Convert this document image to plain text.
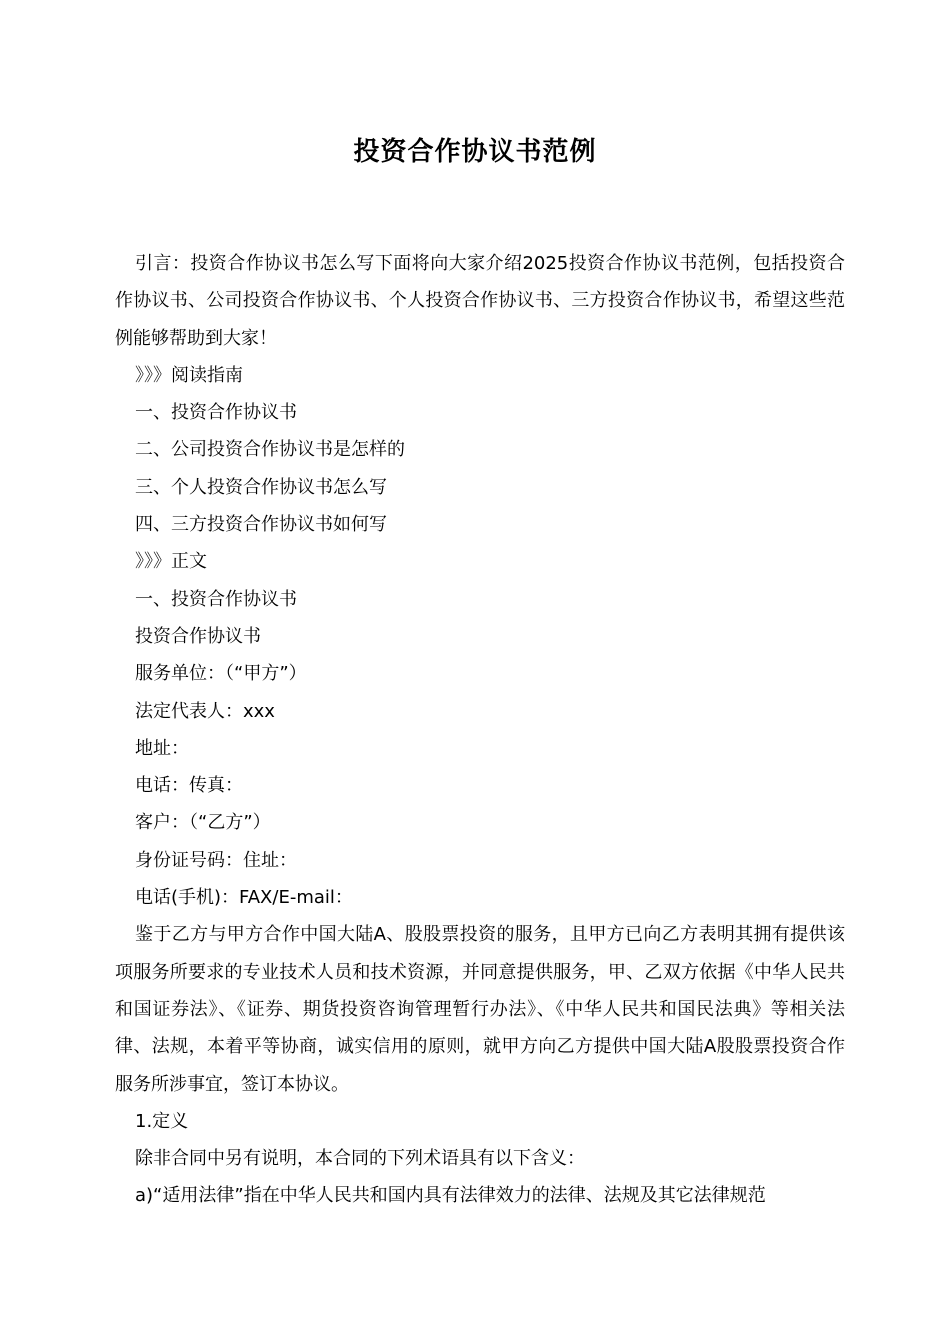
投资合作协议书范例

引言：投资合作协议书怎么写下面将向大家介绍2025投资合作协议书范例，包括投资合作协议书、公司投资合作协议书、个人投资合作协议书、三方投资合作协议书，希望这些范例能够帮助到大家！

》》》阅读指南

一、投资合作协议书

二、公司投资合作协议书是怎样的

三、个人投资合作协议书怎么写

四、三方投资合作协议书如何写

》》》正文

一、投资合作协议书

投资合作协议书

服务单位：（“甲方”）

法定代表人：xxx

地址：

电话：传真：

客户：（“乙方”）

身份证号码：住址：

电话(手机)：FAX/E-mail：

鉴于乙方与甲方合作中国大陆A、股股票投资的服务，且甲方已向乙方表明其拥有提供该项服务所要求的专业技术人员和技术资源，并同意提供服务，甲、乙双方依据《中华人民共和国证券法》、《证券、期货投资咨询管理暂行办法》、《中华人民共和国民法典》等相关法律、法规，本着平等协商，诚实信用的原则，就甲方向乙方提供中国大陆A股股票投资合作服务所涉事宜，签订本协议。

1.定义

除非合同中另有说明，本合同的下列术语具有以下含义：

a)“适用法律”指在中华人民共和国内具有法律效力的法律、法规及其它法律规范
